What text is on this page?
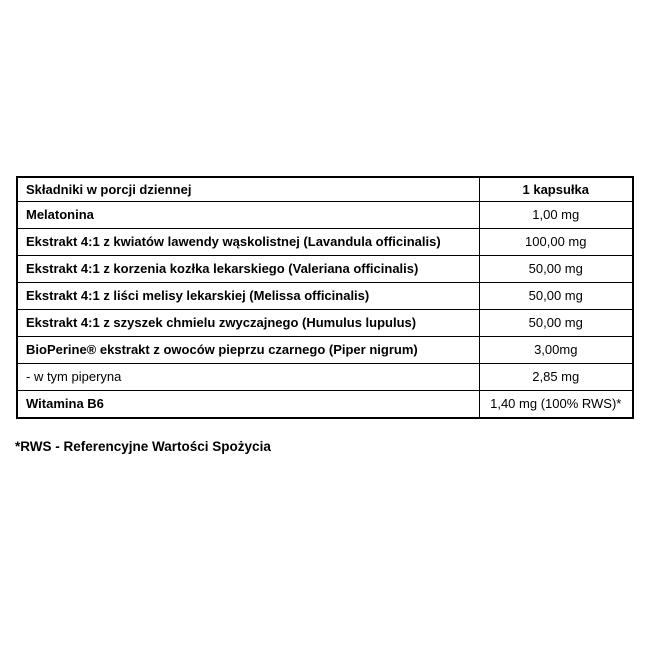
Składniki w porcji dziennej	1 kapsułka
Melatonina	1,00 mg
Ekstrakt 4:1 z kwiatów lawendy wąskolistnej (Lavandula officinalis)	100,00 mg
Ekstrakt 4:1 z korzenia kozłka lekarskiego (Valeriana officinalis)	50,00 mg
Ekstrakt 4:1 z liści melisy lekarskiej (Melissa officinalis)	50,00 mg
Ekstrakt 4:1 z szyszek chmielu zwyczajnego (Humulus lupulus)	50,00 mg
BioPerine® ekstrakt z owoców pieprzu czarnego (Piper nigrum)	3,00mg
- w tym piperyna	2,85 mg
Witamina B6	1,40 mg (100% RWS)*
*RWS - Referencyjne Wartości Spożycia
